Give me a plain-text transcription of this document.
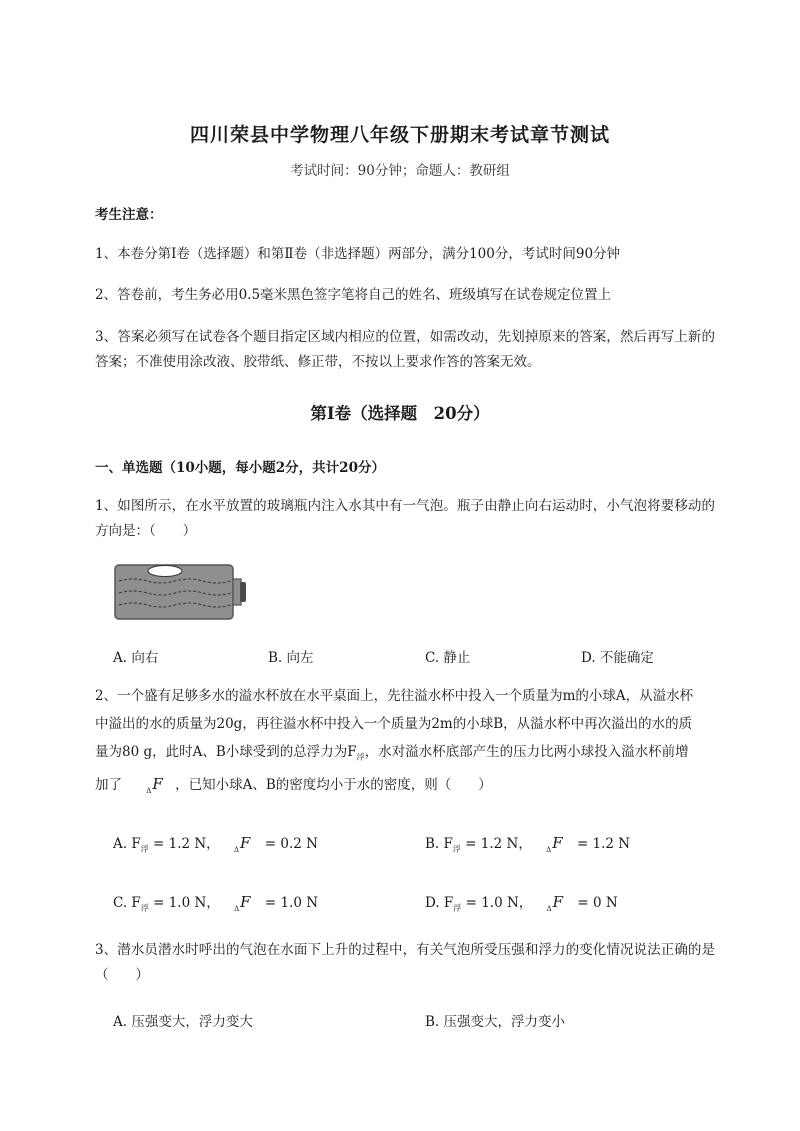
四川荣县中学物理八年级下册期末考试章节测试
考试时间：90分钟；命题人：教研组
考生注意：
1、本卷分第I卷（选择题）和第Ⅱ卷（非选择题）两部分，满分100分，考试时间90分钟
2、答卷前，考生务必用0.5毫米黑色签字笔将自己的姓名、班级填写在试卷规定位置上
3、答案必须写在试卷各个题目指定区域内相应的位置，如需改动，先划掉原来的答案，然后再写上新的答案；不准使用涂改液、胶带纸、修正带，不按以上要求作答的答案无效。
第I卷（选择题　20分）
一、单选题（10小题，每小题2分，共计20分）
1、如图所示，在水平放置的玻璃瓶内注入水其中有一气泡。瓶子由静止向右运动时，小气泡将要移动的方向是：（　　）
A. 向右	B. 向左	C. 静止	D. 不能确定
2、一个盛有足够多水的溢水杯放在水平桌面上，先往溢水杯中投入一个质量为m的小球A，从溢水杯
中溢出的水的质量为20g，再往溢水杯中投入一个质量为2m的小球B，从溢水杯中再次溢出的水的质
量为80 g，此时A、B小球受到的总浮力为$F_浮$，水对溢水杯底部产生的压力比两小球投入溢水杯前增
加了	$_\Delta$F ，已知小球A、B的密度均小于水的密度，则（　　）
A. $F_浮 = 1.2$ N， $_\Delta$F = 0.2 N	B. $F_浮 = 1.2$ N， $_\Delta$F = 1.2 N
C. $F_浮 = 1.0$ N， $_\Delta$F = 1.0 N	D. $F_浮 = 1.0$ N， $_\Delta$F = 0 N
3、潜水员潜水时呼出的气泡在水面下上升的过程中，有关气泡所受压强和浮力的变化情况说法正确的是（　　）
A. 压强变大，浮力变大	B. 压强变大，浮力变小
